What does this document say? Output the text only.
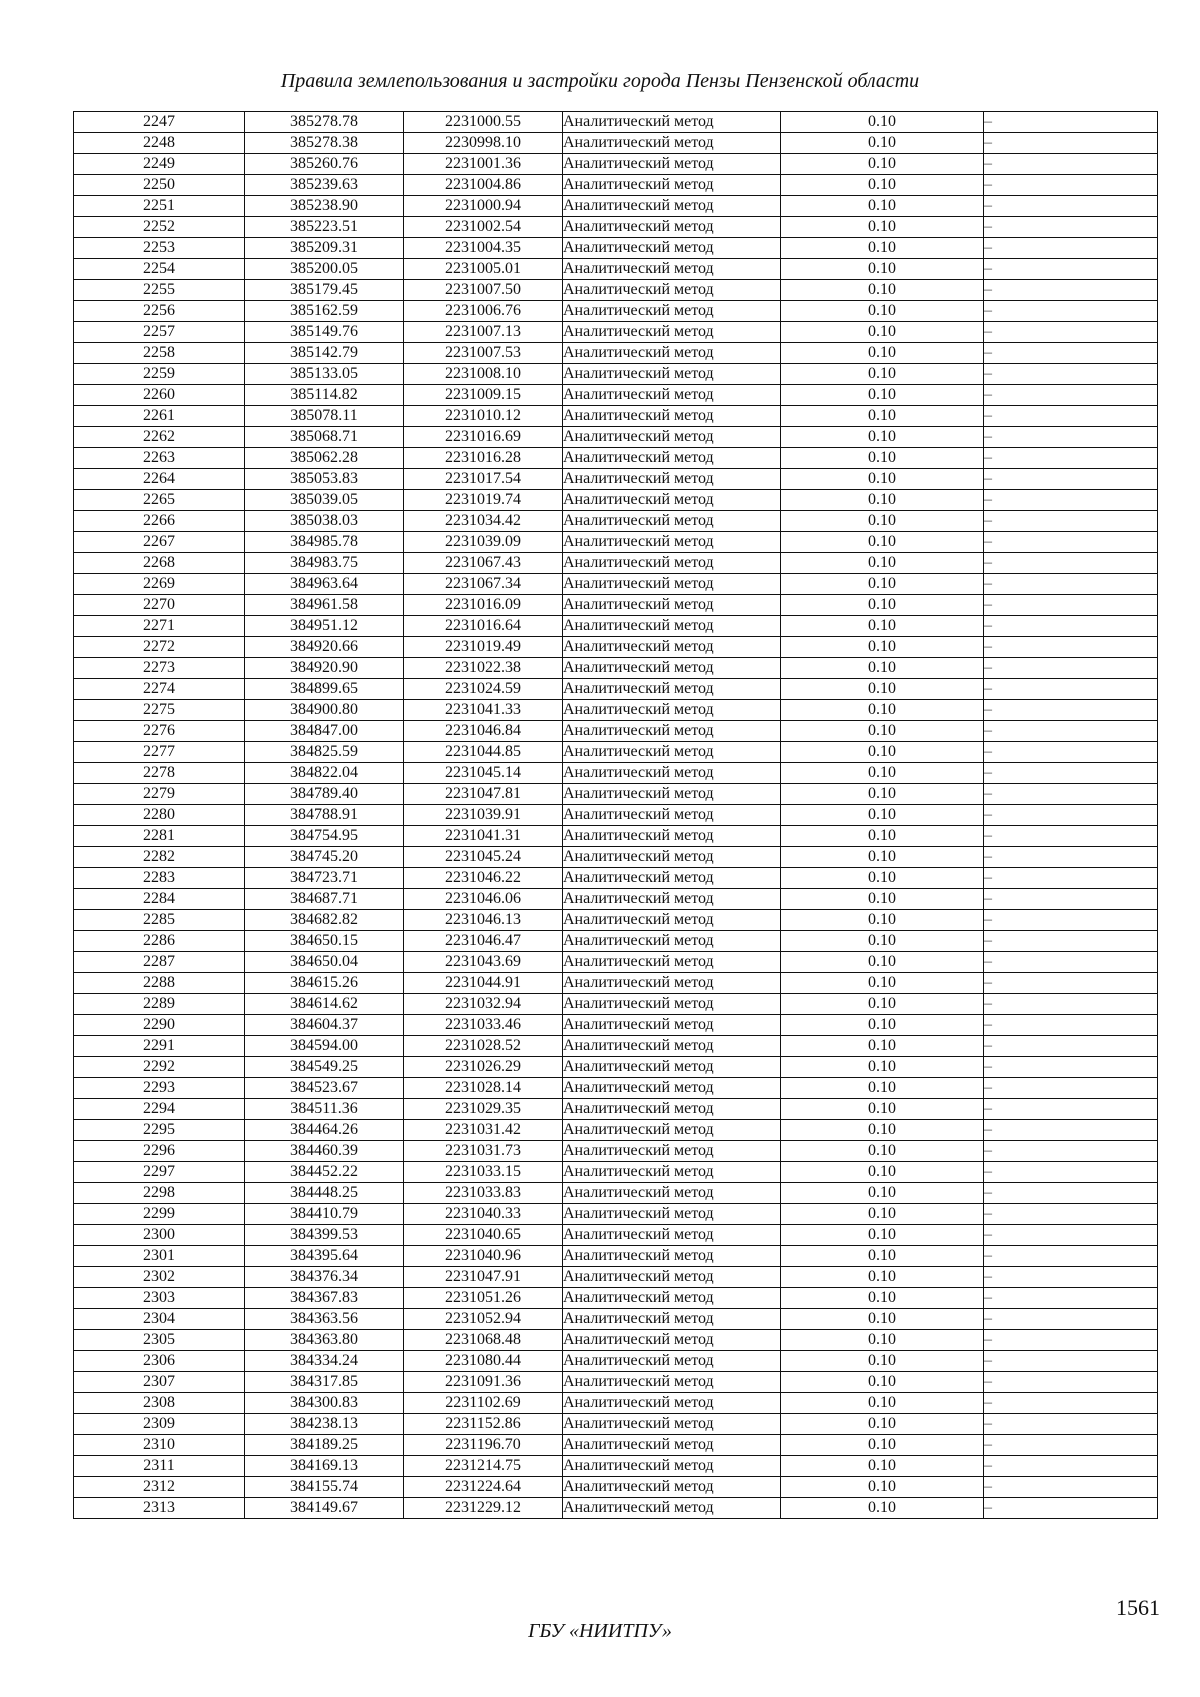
Правила землепользования и застройки города Пензы Пензенской области
2247	385278.78	2231000.55	Аналитический метод	0.10	–
2248	385278.38	2230998.10	Аналитический метод	0.10	–
2249	385260.76	2231001.36	Аналитический метод	0.10	–
2250	385239.63	2231004.86	Аналитический метод	0.10	–
2251	385238.90	2231000.94	Аналитический метод	0.10	–
2252	385223.51	2231002.54	Аналитический метод	0.10	–
2253	385209.31	2231004.35	Аналитический метод	0.10	–
2254	385200.05	2231005.01	Аналитический метод	0.10	–
2255	385179.45	2231007.50	Аналитический метод	0.10	–
2256	385162.59	2231006.76	Аналитический метод	0.10	–
2257	385149.76	2231007.13	Аналитический метод	0.10	–
2258	385142.79	2231007.53	Аналитический метод	0.10	–
2259	385133.05	2231008.10	Аналитический метод	0.10	–
2260	385114.82	2231009.15	Аналитический метод	0.10	–
2261	385078.11	2231010.12	Аналитический метод	0.10	–
2262	385068.71	2231016.69	Аналитический метод	0.10	–
2263	385062.28	2231016.28	Аналитический метод	0.10	–
2264	385053.83	2231017.54	Аналитический метод	0.10	–
2265	385039.05	2231019.74	Аналитический метод	0.10	–
2266	385038.03	2231034.42	Аналитический метод	0.10	–
2267	384985.78	2231039.09	Аналитический метод	0.10	–
2268	384983.75	2231067.43	Аналитический метод	0.10	–
2269	384963.64	2231067.34	Аналитический метод	0.10	–
2270	384961.58	2231016.09	Аналитический метод	0.10	–
2271	384951.12	2231016.64	Аналитический метод	0.10	–
2272	384920.66	2231019.49	Аналитический метод	0.10	–
2273	384920.90	2231022.38	Аналитический метод	0.10	–
2274	384899.65	2231024.59	Аналитический метод	0.10	–
2275	384900.80	2231041.33	Аналитический метод	0.10	–
2276	384847.00	2231046.84	Аналитический метод	0.10	–
2277	384825.59	2231044.85	Аналитический метод	0.10	–
2278	384822.04	2231045.14	Аналитический метод	0.10	–
2279	384789.40	2231047.81	Аналитический метод	0.10	–
2280	384788.91	2231039.91	Аналитический метод	0.10	–
2281	384754.95	2231041.31	Аналитический метод	0.10	–
2282	384745.20	2231045.24	Аналитический метод	0.10	–
2283	384723.71	2231046.22	Аналитический метод	0.10	–
2284	384687.71	2231046.06	Аналитический метод	0.10	–
2285	384682.82	2231046.13	Аналитический метод	0.10	–
2286	384650.15	2231046.47	Аналитический метод	0.10	–
2287	384650.04	2231043.69	Аналитический метод	0.10	–
2288	384615.26	2231044.91	Аналитический метод	0.10	–
2289	384614.62	2231032.94	Аналитический метод	0.10	–
2290	384604.37	2231033.46	Аналитический метод	0.10	–
2291	384594.00	2231028.52	Аналитический метод	0.10	–
2292	384549.25	2231026.29	Аналитический метод	0.10	–
2293	384523.67	2231028.14	Аналитический метод	0.10	–
2294	384511.36	2231029.35	Аналитический метод	0.10	–
2295	384464.26	2231031.42	Аналитический метод	0.10	–
2296	384460.39	2231031.73	Аналитический метод	0.10	–
2297	384452.22	2231033.15	Аналитический метод	0.10	–
2298	384448.25	2231033.83	Аналитический метод	0.10	–
2299	384410.79	2231040.33	Аналитический метод	0.10	–
2300	384399.53	2231040.65	Аналитический метод	0.10	–
2301	384395.64	2231040.96	Аналитический метод	0.10	–
2302	384376.34	2231047.91	Аналитический метод	0.10	–
2303	384367.83	2231051.26	Аналитический метод	0.10	–
2304	384363.56	2231052.94	Аналитический метод	0.10	–
2305	384363.80	2231068.48	Аналитический метод	0.10	–
2306	384334.24	2231080.44	Аналитический метод	0.10	–
2307	384317.85	2231091.36	Аналитический метод	0.10	–
2308	384300.83	2231102.69	Аналитический метод	0.10	–
2309	384238.13	2231152.86	Аналитический метод	0.10	–
2310	384189.25	2231196.70	Аналитический метод	0.10	–
2311	384169.13	2231214.75	Аналитический метод	0.10	–
2312	384155.74	2231224.64	Аналитический метод	0.10	–
2313	384149.67	2231229.12	Аналитический метод	0.10	–
1561
ГБУ «НИИТПУ»
